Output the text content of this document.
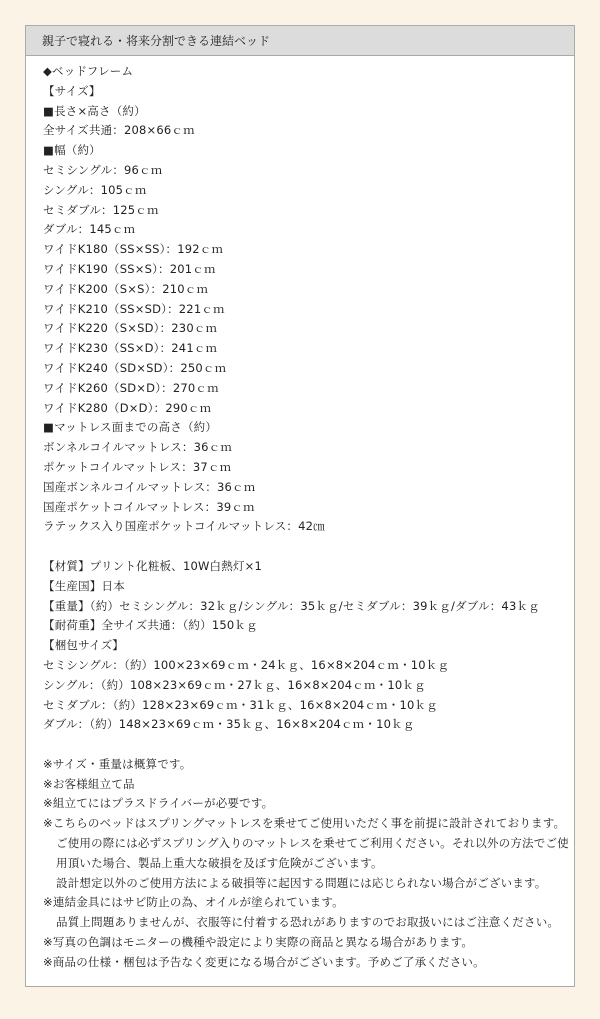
親子で寝れる・将来分割できる連結ベッド
◆ベッドフレーム
【サイズ】
■長さ×高さ（約）
全サイズ共通：208×66ｃｍ
■幅（約）
セミシングル：96ｃｍ
シングル：105ｃｍ
セミダブル：125ｃｍ
ダブル：145ｃｍ
ワイドK180（SS×SS）：192ｃｍ
ワイドK190（SS×S）：201ｃｍ
ワイドK200（S×S）：210ｃｍ
ワイドK210（SS×SD）：221ｃｍ
ワイドK220（S×SD）：230ｃｍ
ワイドK230（SS×D）：241ｃｍ
ワイドK240（SD×SD）：250ｃｍ
ワイドK260（SD×D）：270ｃｍ
ワイドK280（D×D）：290ｃｍ
■マットレス面までの高さ（約）
ボンネルコイルマットレス：36ｃｍ
ポケットコイルマットレス：37ｃｍ
国産ボンネルコイルマットレス：36ｃｍ
国産ポケットコイルマットレス：39ｃｍ
ラテックス入り国産ポケットコイルマットレス：42㎝
【材質】プリント化粧板、10W白熱灯×1
【生産国】日本
【重量】（約）セミシングル：32ｋｇ/シングル：35ｋｇ/セミダブル：39ｋｇ/ダブル：43ｋｇ
【耐荷重】全サイズ共通：（約）150ｋｇ
【梱包サイズ】
セミシングル：（約）100×23×69ｃｍ・24ｋｇ、16×8×204ｃｍ・10ｋｇ
シングル：（約）108×23×69ｃｍ・27ｋｇ、16×8×204ｃｍ・10ｋｇ
セミダブル：（約）128×23×69ｃｍ・31ｋｇ、16×8×204ｃｍ・10ｋｇ
ダブル：（約）148×23×69ｃｍ・35ｋｇ、16×8×204ｃｍ・10ｋｇ
※サイズ・重量は概算です。
※お客様組立て品
※組立てにはプラスドライバーが必要です。
※こちらのベッドはスプリングマットレスを乗せてご使用いただく事を前提に設計されております。
ご使用の際には必ずスプリング入りのマットレスを乗せてご利用ください。それ以外の方法でご使
用頂いた場合、製品上重大な破損を及ぼす危険がございます。
設計想定以外のご使用方法による破損等に起因する問題には応じられない場合がございます。
※連結金具にはサビ防止の為、オイルが塗られています。
品質上問題ありませんが、衣服等に付着する恐れがありますのでお取扱いにはご注意ください。
※写真の色調はモニターの機種や設定により実際の商品と異なる場合があります。
※商品の仕様・梱包は予告なく変更になる場合がございます。予めご了承ください。
